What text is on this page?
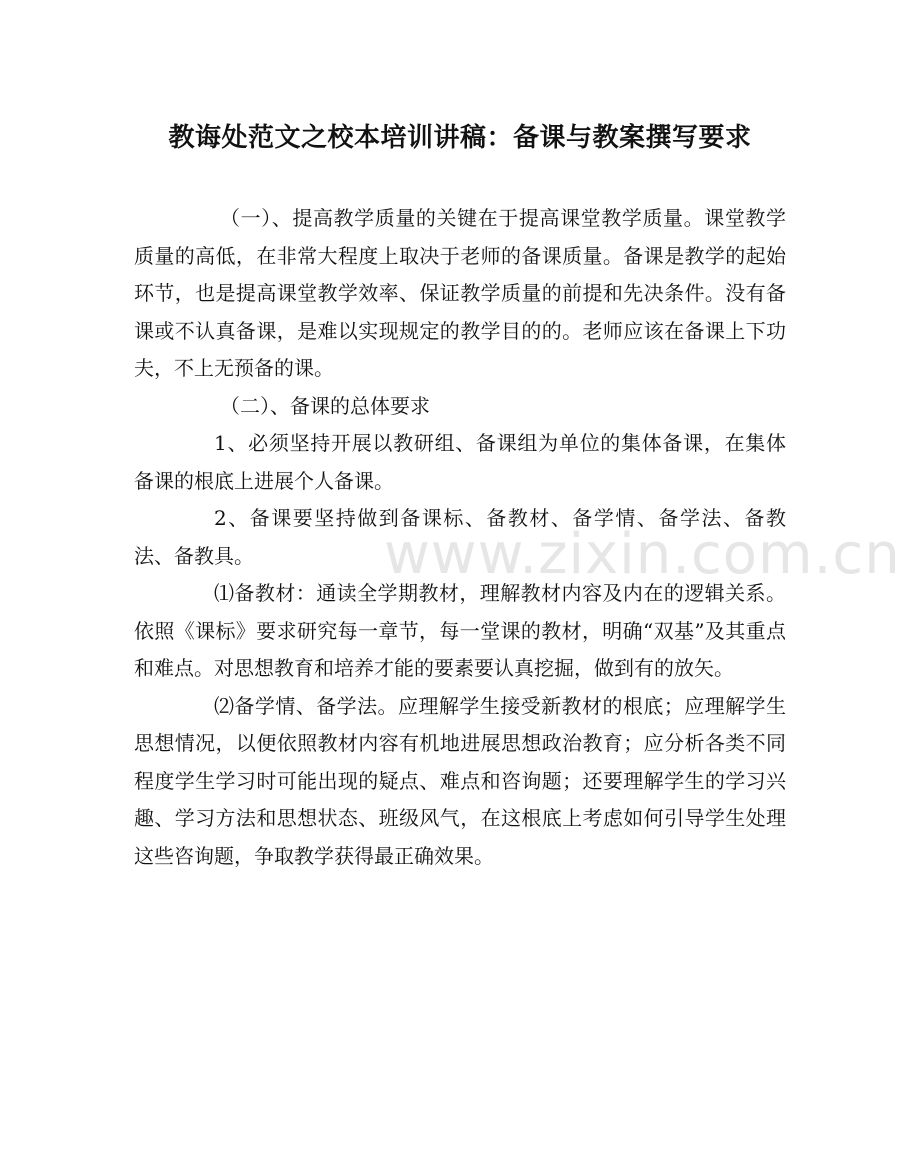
www.zixin.com.cn
教诲处范文之校本培训讲稿：备课与教案撰写要求

（一）、提高教学质量的关键在于提高课堂教学质量。课堂教学质量的高低，在非常大程度上取决于老师的备课质量。备课是教学的起始环节，也是提高课堂教学效率、保证教学质量的前提和先决条件。没有备课或不认真备课，是难以实现规定的教学目的的。老师应该在备课上下功夫，不上无预备的课。

（二）、备课的总体要求

1、必须坚持开展以教研组、备课组为单位的集体备课，在集体备课的根底上进展个人备课。

2、备课要坚持做到备课标、备教材、备学情、备学法、备教法、备教具。

⑴备教材：通读全学期教材，理解教材内容及内在的逻辑关系。依照《课标》要求研究每一章节，每一堂课的教材，明确“双基”及其重点和难点。对思想教育和培养才能的要素要认真挖掘，做到有的放矢。

⑵备学情、备学法。应理解学生接受新教材的根底；应理解学生思想情况，以便依照教材内容有机地进展思想政治教育；应分析各类不同程度学生学习时可能出现的疑点、难点和咨询题；还要理解学生的学习兴趣、学习方法和思想状态、班级风气，在这根底上考虑如何引导学生处理这些咨询题，争取教学获得最正确效果。
